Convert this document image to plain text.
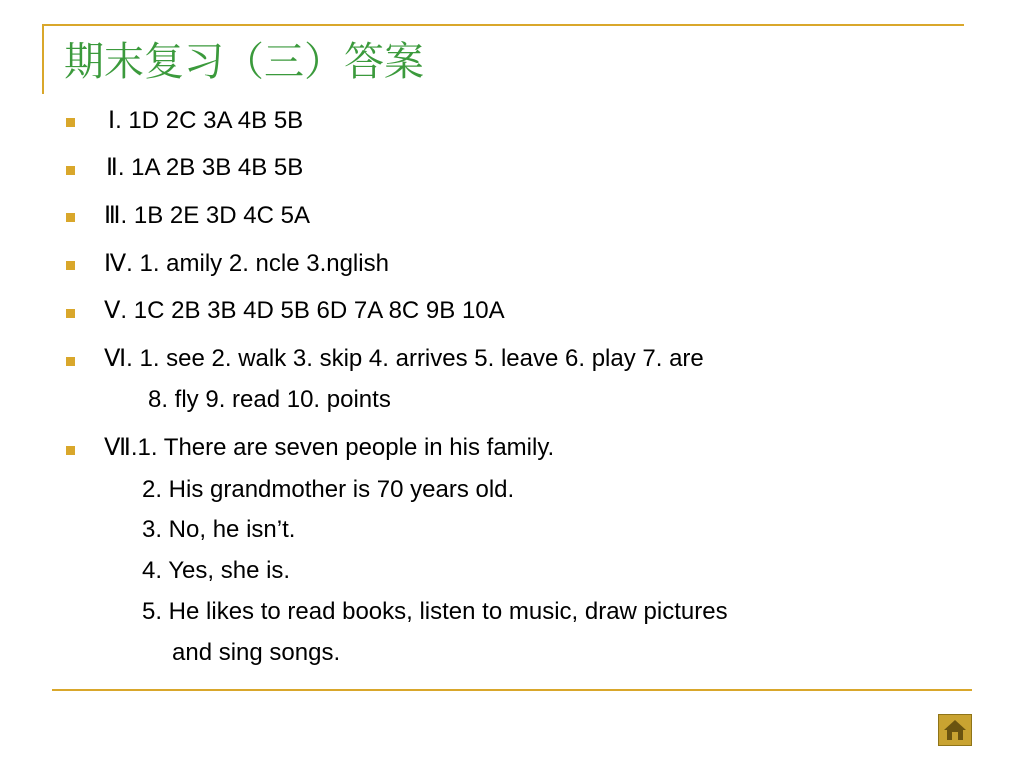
期末复习（三）答案
Ⅰ. 1D 2C 3A 4B 5B
Ⅱ. 1A 2B 3B 4B 5B
Ⅲ. 1B 2E 3D 4C 5A
Ⅳ. 1. amily 2. ncle 3.nglish
Ⅴ. 1C 2B 3B 4D 5B 6D 7A 8C 9B 10A
Ⅵ. 1. see 2. walk 3. skip 4. arrives 5. leave 6. play 7. are
8. fly 9. read 10. points
Ⅶ.1. There are seven people in his family.
2. His grandmother is 70 years old.
3. No, he isn’t.
4. Yes, she is.
5. He likes to read books, listen to music, draw pictures
and sing songs.
